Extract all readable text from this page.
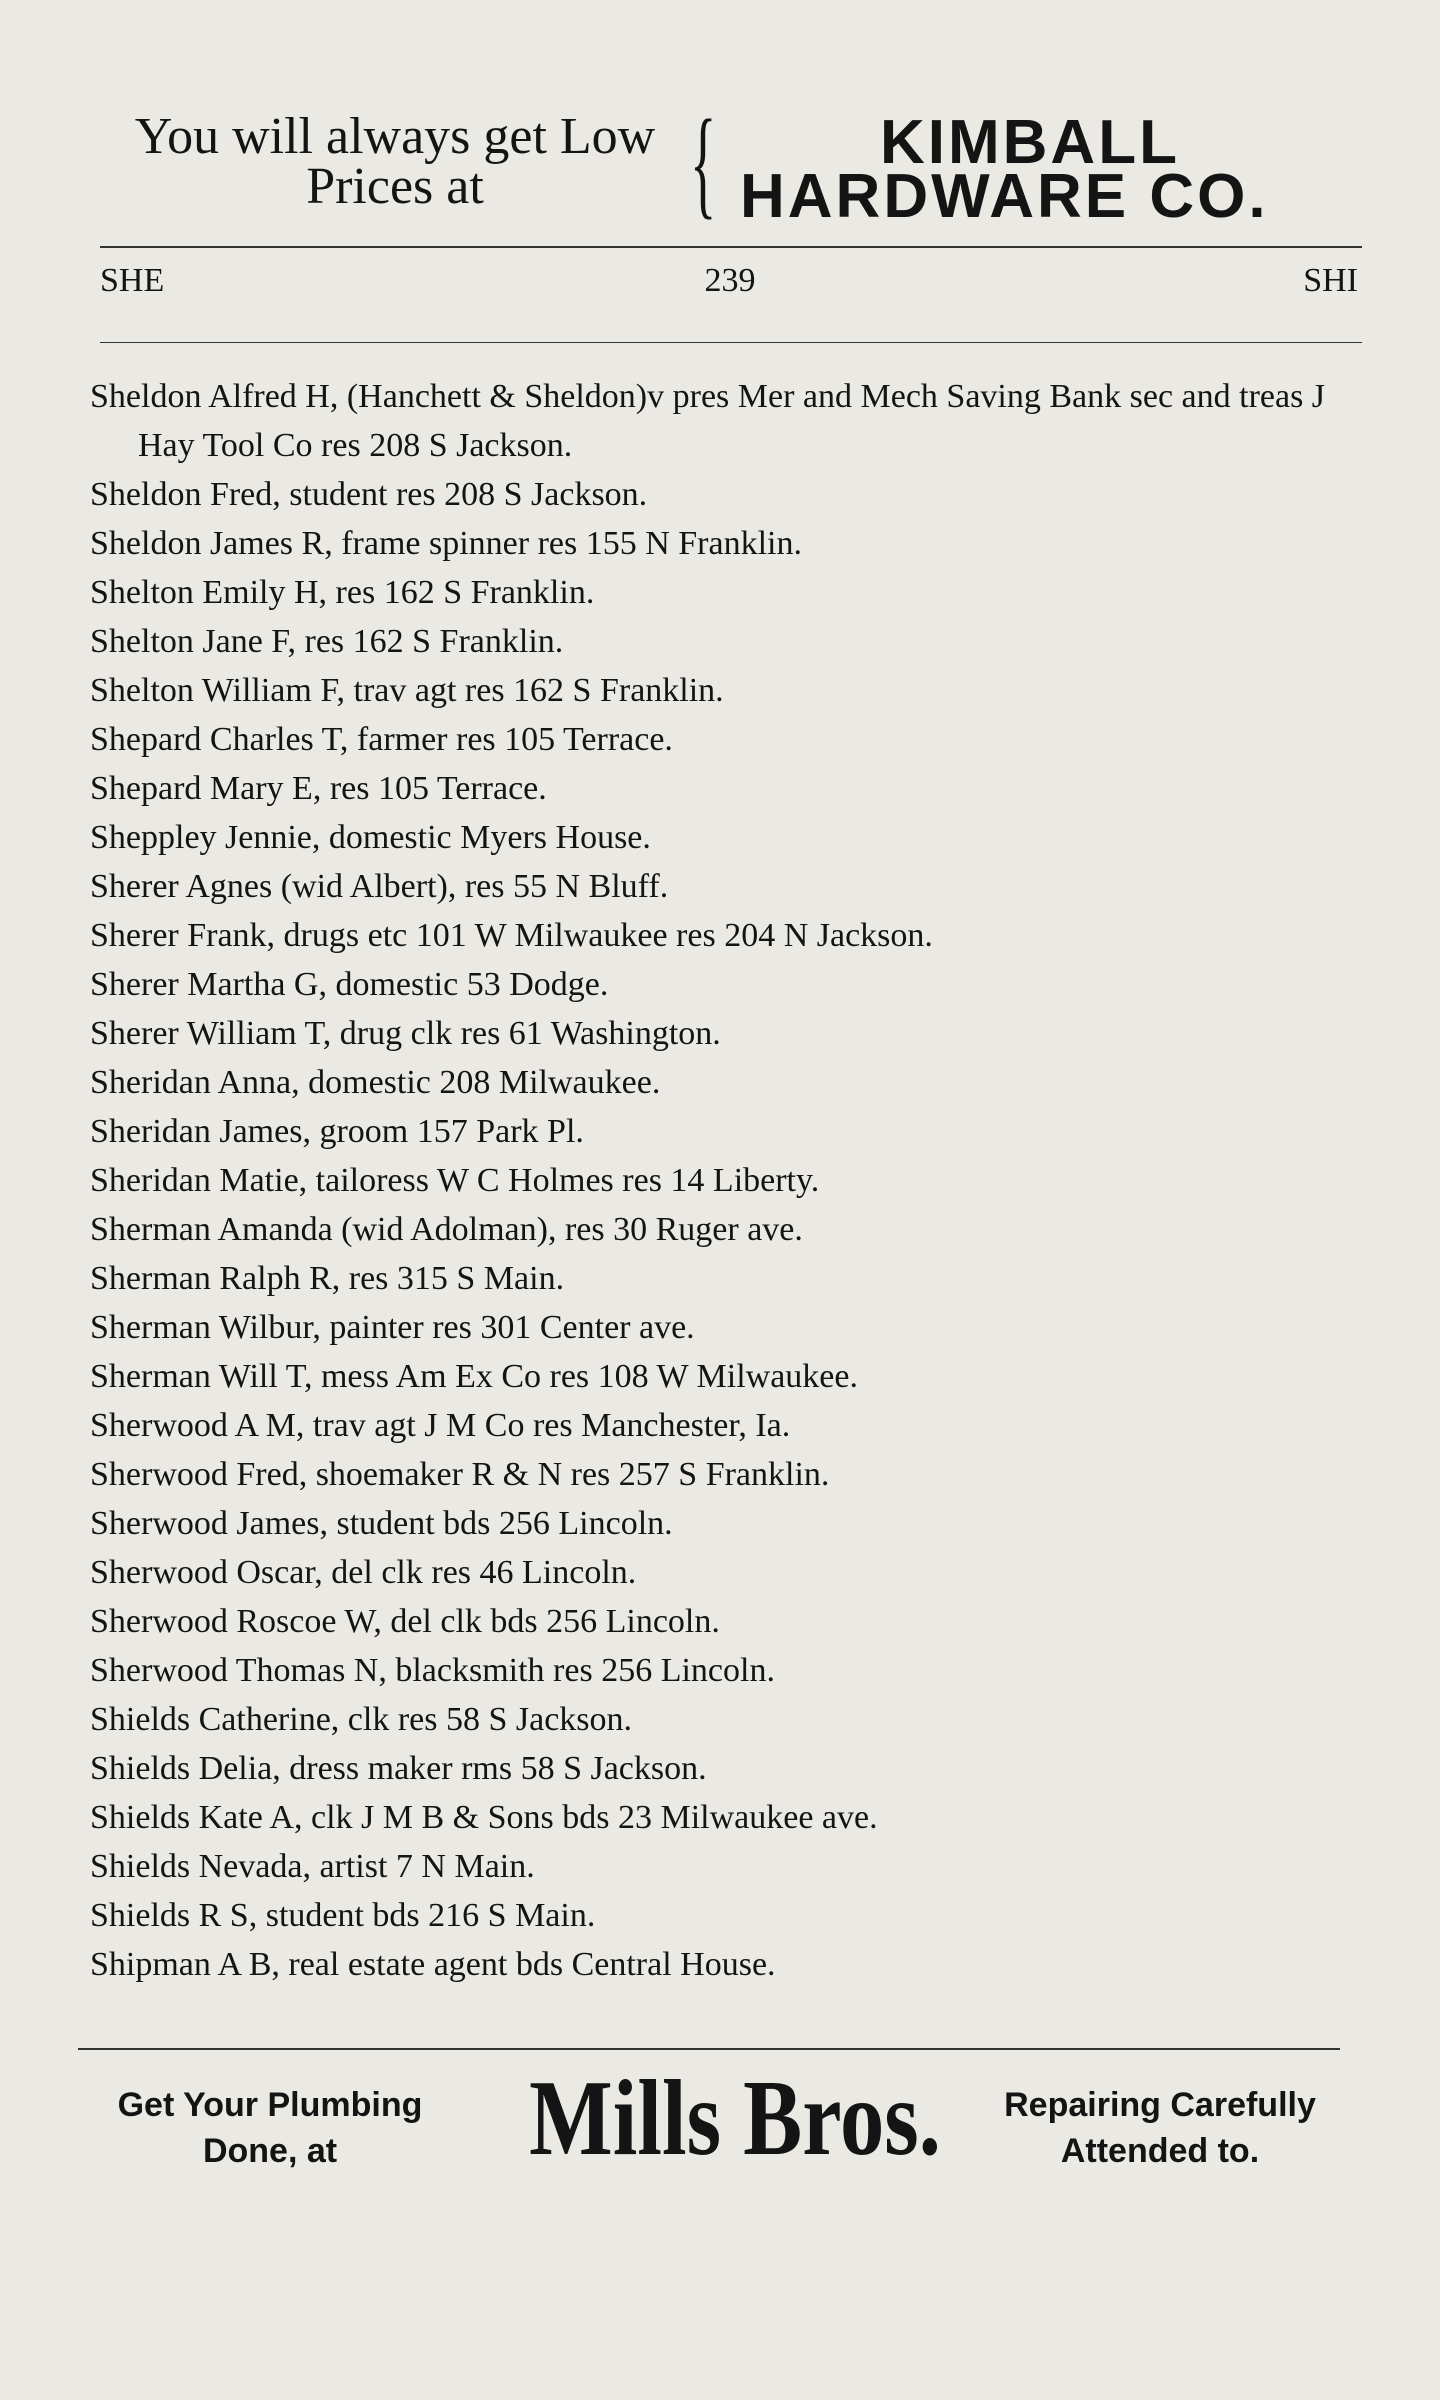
You will always get Low
Prices at	{	KIMBALL
HARDWARE CO.
SHE	239	SHI
Sheldon Alfred H, (Hanchett & Sheldon)v pres Mer and Mech Saving Bank sec and treas J Hay Tool Co res 208 S Jackson.
Sheldon Fred, student res 208 S Jackson.
Sheldon James R, frame spinner res 155 N Franklin.
Shelton Emily H, res 162 S Franklin.
Shelton Jane F, res 162 S Franklin.
Shelton William F, trav agt res 162 S Franklin.
Shepard Charles T, farmer res 105 Terrace.
Shepard Mary E, res 105 Terrace.
Sheppley Jennie, domestic Myers House.
Sherer Agnes (wid Albert), res 55 N Bluff.
Sherer Frank, drugs etc 101 W Milwaukee res 204 N Jackson.
Sherer Martha G, domestic 53 Dodge.
Sherer William T, drug clk res 61 Washington.
Sheridan Anna, domestic 208 Milwaukee.
Sheridan James, groom 157 Park Pl.
Sheridan Matie, tailoress W C Holmes res 14 Liberty.
Sherman Amanda (wid Adolman), res 30 Ruger ave.
Sherman Ralph R, res 315 S Main.
Sherman Wilbur, painter res 301 Center ave.
Sherman Will T, mess Am Ex Co res 108 W Milwaukee.
Sherwood A M, trav agt J M Co res Manchester, Ia.
Sherwood Fred, shoemaker R & N res 257 S Franklin.
Sherwood James, student bds 256 Lincoln.
Sherwood Oscar, del clk res 46 Lincoln.
Sherwood Roscoe W, del clk bds 256 Lincoln.
Sherwood Thomas N, blacksmith res 256 Lincoln.
Shields Catherine, clk res 58 S Jackson.
Shields Delia, dress maker rms 58 S Jackson.
Shields Kate A, clk J M B & Sons bds 23 Milwaukee ave.
Shields Nevada, artist 7 N Main.
Shields R S, student bds 216 S Main.
Shipman A B, real estate agent bds Central House.
Get Your Plumbing
Done, at	Mills Bros.	Repairing Carefully
Attended to.
